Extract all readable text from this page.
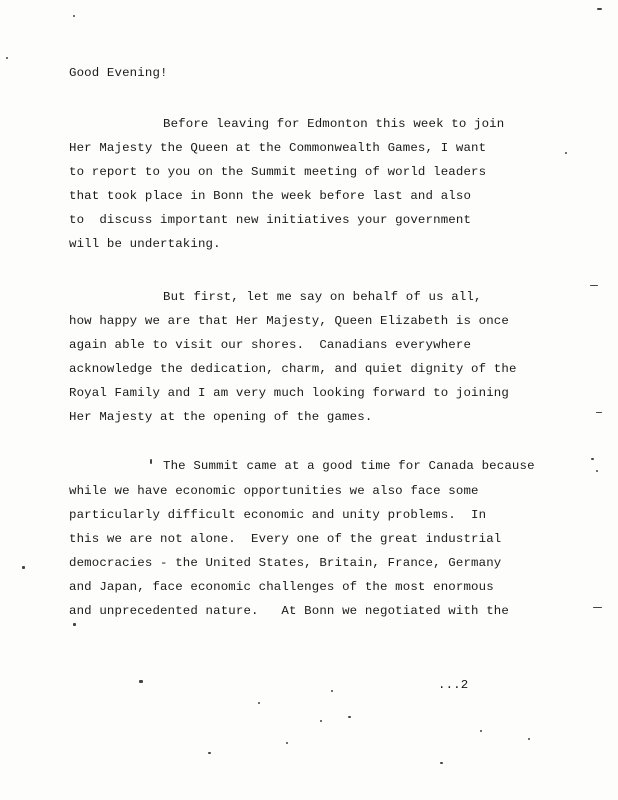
Good Evening!
Before leaving for Edmonton this week to join
Her Majesty the Queen at the Commonwealth Games, I want
to report to you on the Summit meeting of world leaders
that took place in Bonn the week before last and also
to  discuss important new initiatives your government
will be undertaking.
But first, let me say on behalf of us all,
how happy we are that Her Majesty, Queen Elizabeth is once
again able to visit our shores.  Canadians everywhere
acknowledge the dedication, charm, and quiet dignity of the
Royal Family and I am very much looking forward to joining
Her Majesty at the opening of the games.
The Summit came at a good time for Canada because
while we have economic opportunities we also face some
particularly difficult economic and unity problems.  In
this we are not alone.  Every one of the great industrial
democracies - the United States, Britain, France, Germany
and Japan, face economic challenges of the most enormous
and unprecedented nature.   At Bonn we negotiated with the
...2
